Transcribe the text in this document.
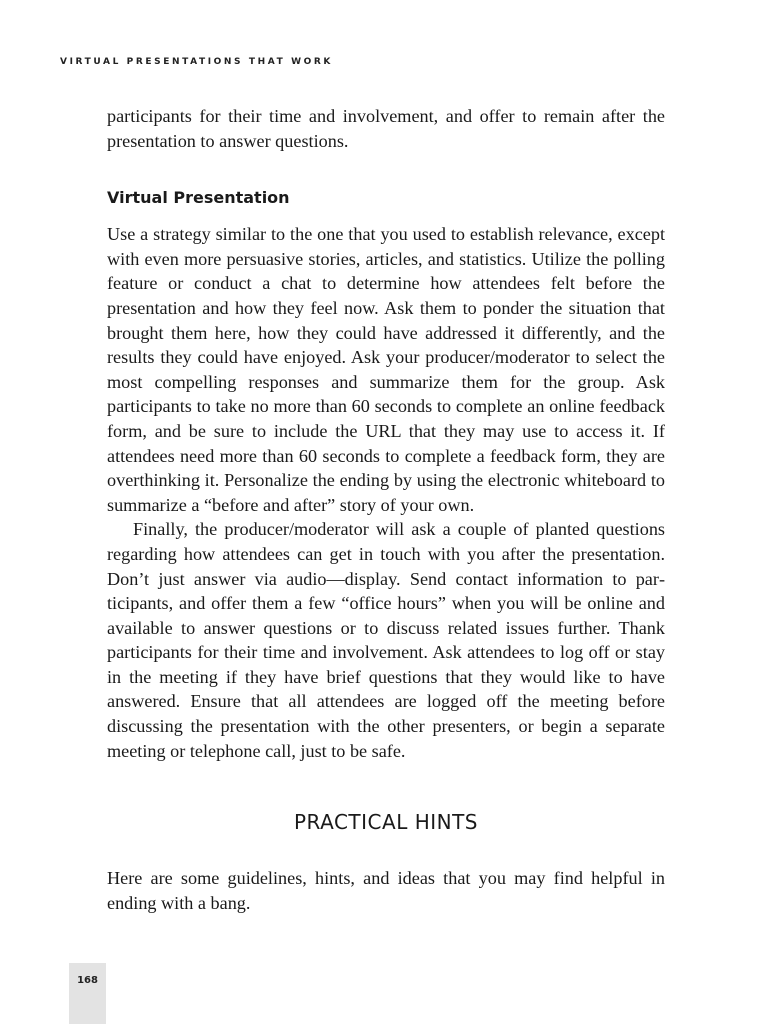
VIRTUAL PRESENTATIONS THAT WORK

participants for their time and involvement, and offer to remain after the presentation to answer questions.

Virtual Presentation

Use a strategy similar to the one that you used to establish relevance, except with even more persuasive stories, articles, and statistics. Utilize the polling feature or conduct a chat to determine how attendees felt before the presentation and how they feel now. Ask them to ponder the situation that brought them here, how they could have addressed it differently, and the results they could have enjoyed. Ask your producer/moderator to select the most compelling responses and summarize them for the group. Ask participants to take no more than 60 seconds to complete an online feedback form, and be sure to include the URL that they may use to access it. If attendees need more than 60 seconds to complete a feedback form, they are overthinking it. Personalize the ending by using the electronic whiteboard to summarize a “before and after” story of your own.

Finally, the producer/moderator will ask a couple of planted questions regarding how attendees can get in touch with you after the presentation. Don’t just answer via audio—display. Send contact information to participants, and offer them a few “office hours” when you will be online and available to answer questions or to discuss related issues further. Thank participants for their time and involvement. Ask attendees to log off or stay in the meeting if they have brief questions that they would like to have answered. Ensure that all attendees are logged off the meeting before discussing the presentation with the other presenters, or begin a separate meeting or telephone call, just to be safe.

PRACTICAL HINTS

Here are some guidelines, hints, and ideas that you may find helpful in ending with a bang.

168
